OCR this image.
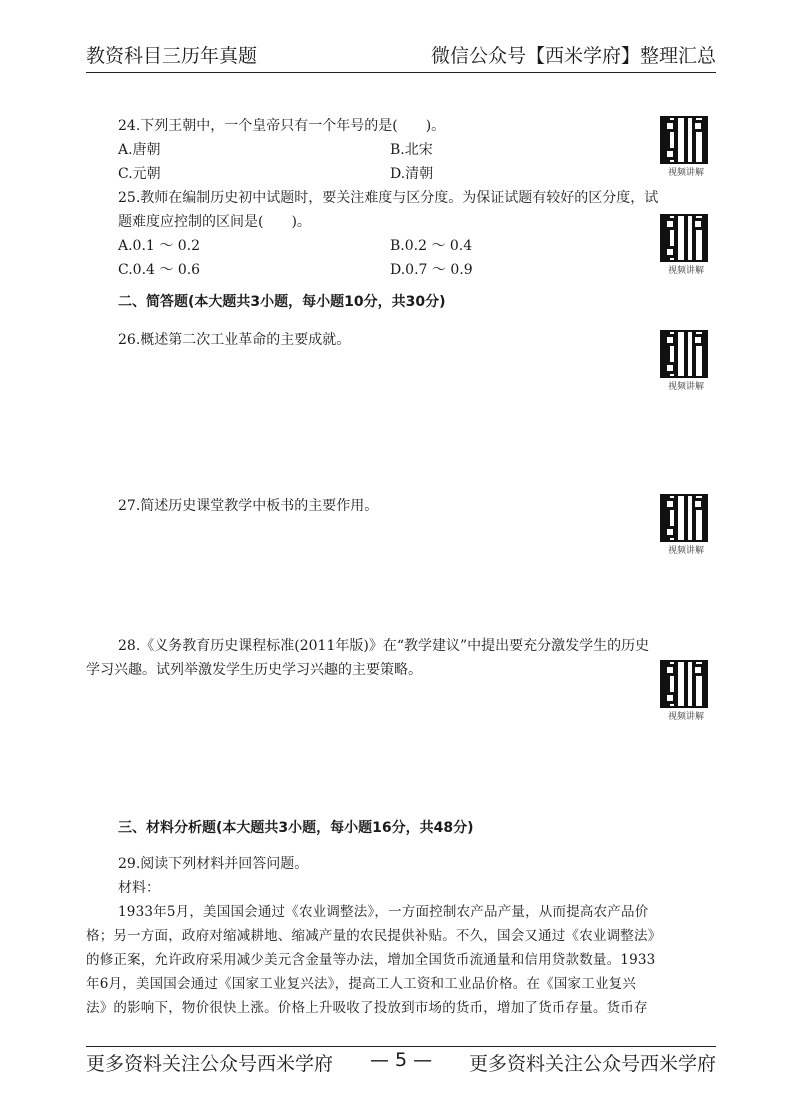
教资科目三历年真题	微信公众号【西米学府】整理汇总
24.下列王朝中，一个皇帝只有一个年号的是(　　)。
A.唐朝	B.北宋
C.元朝	D.清朝	视频讲解
25.教师在编制历史初中试题时，要关注难度与区分度。为保证试题有较好的区分度，试
题难度应控制的区间是(　　)。
A.0.1 ～ 0.2	B.0.2 ～ 0.4
C.0.4 ～ 0.6	D.0.7 ～ 0.9	视频讲解
二、简答题(本大题共3小题，每小题10分，共30分)
26.概述第二次工业革命的主要成就。
视频讲解
27.简述历史课堂教学中板书的主要作用。
视频讲解
28.《义务教育历史课程标准(2011年版)》在“教学建议”中提出要充分激发学生的历史
学习兴趣。试列举激发学生历史学习兴趣的主要策略。
视频讲解
三、材料分析题(本大题共3小题，每小题16分，共48分)
29.阅读下列材料并回答问题。
材料：
1933年5月，美国国会通过《农业调整法》，一方面控制农产品产量，从而提高农产品价
格；另一方面，政府对缩减耕地、缩减产量的农民提供补贴。不久，国会又通过《农业调整法》
的修正案，允许政府采用减少美元含金量等办法，增加全国货币流通量和信用贷款数量。1933
年6月，美国国会通过《国家工业复兴法》，提高工人工资和工业品价格。在《国家工业复兴
法》的影响下，物价很快上涨。价格上升吸收了投放到市场的货币，增加了货币存量。货币存
更多资料关注公众号西米学府 — 5 — 更多资料关注公众号西米学府
